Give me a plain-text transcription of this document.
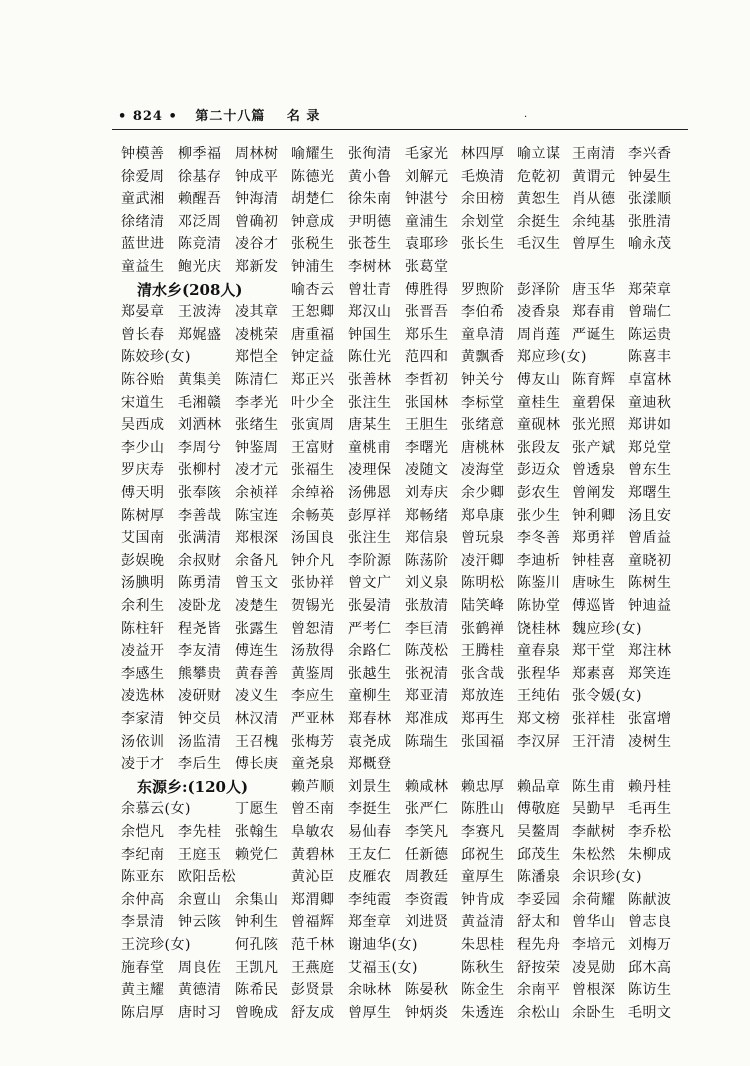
• 824 • 第二十八篇 名 录	·
钟模善 柳季福 周林树 喻耀生 张徇清 毛家光 林四厚 喻立谋 王南清 李兴香
徐爱周 徐基存 钟成平 陈德光 黄小鲁 刘解元 毛焕清 危乾初 黄谓元 钟晏生
童武湘 赖醒吾 钟海清 胡楚仁 徐朱南 钟湛兮 余田榜 黄恕生 肖从德 张漾顺
徐绪清 邓泛周 曾确初 钟意成 尹明德 童浦生 余划堂 余挺生 余纯基 张胜清
蓝世进 陈竞清 凌谷才 张税生 张苍生 袁耶珍 张长生 毛汉生 曾厚生 喻永茂
童益生 鲍光庆 郑新发 钟浦生 李树林 张葛堂
清水乡(208人)	喻杏云 曾壮青 傅胜得 罗煦阶 彭泽阶 唐玉华 郑荣章
郑晏章 王波涛 凌其章 王恕卿 郑汉山 张晋吾 李伯希 凌香泉 郑春甫 曾瑞仁
曾长春 郑娓盛 凌桃荣 唐重福 钟国生 郑乐生 童阜清 周肖莲 严诞生 陈运贵
陈姣珍(女)	郑恺全 钟定益 陈仕光 范四和 黄飘香 郑应珍(女)	陈喜丰
陈谷贻 黄集美 陈清仁 郑正兴 张善林 李哲初 钟关兮 傅友山 陈育辉 卓富林
宋道生 毛湘赣 李孝光 叶少全 张注生 张国林 李标堂 童桂生 童碧保 童迪秋
吴西成 刘洒林 张绪生 张寅周 唐某生 王胆生 张绪意 童砚林 张光照 郑讲如
李少山 李周兮 钟鉴周 王富财 童桃甫 李曙光 唐桃林 张段友 张产斌 郑兑堂
罗庆寿 张柳村 凌才元 张福生 凌理保 凌随文 凌海堂 彭迈众 曾透泉 曾东生
傅天明 张奉陔 余祯祥 余绰裕 汤佛恩 刘寿庆 余少卿 彭农生 曾阐发 郑曙生
陈树厚 李善哉 陈宝连 余畅英 彭厚祥 郑畅绪 郑阜康 张少生 钟利卿 汤且安
艾国南 张满清 郑根深 汤国良 张注生 郑信泉 曾玩泉 李冬善 郑勇祥 曾盾益
彭娱晚 余叔财 余备凡 钟介凡 李阶源 陈荡阶 凌汗卿 李迪析 钟桂喜 童晓初
汤腆明 陈勇清 曾玉文 张协祥 曾文广 刘义泉 陈明松 陈鉴川 唐咏生 陈树生
余利生 凌卧龙 凌楚生 贺锡光 张晏清 张敖清 陆笑峰 陈协堂 傅巡皆 钟迪益
陈柱轩 程尧皆 张露生 曾恕清 严考仁 李巨清 张鹤禅 饶桂林 魏应珍(女)
凌益开 李友清 傅连生 汤敖得 余路仁 陈茂松 王腾桂 童春泉 郑干堂 郑注林
李感生 熊攀贵 黄春善 黄鉴周 张越生 张祝清 张含哉 张程华 郑素喜 郑笑连
凌选林 凌研财 凌义生 李应生 童柳生 郑亚清 郑放连 王纯佑 张令媛(女)
李家清 钟交员 林汉清 严亚林 郑春林 郑准成 郑再生 郑文榜 张祥桂 张富增
汤依训 汤监清 王召槐 张梅芳 袁尧成 陈瑞生 张国福 李汉屏 王汗清 凌树生
凌于才 李后生 傅长庚 童尧泉 郑概登
东源乡:(120人)	赖芦顺 刘景生 赖咸林 赖忠厚 赖品章 陈生甫 赖丹桂
余慕云(女)	丁愿生 曾丕南 李挺生 张严仁 陈胜山 傅敬庭 吴勤早 毛再生
余恺凡 李先桂 张翰生 阜敏农 易仙春 李笑凡 李赛凡 吴鳌周 李献树 李乔松
李纪南 王庭玉 赖党仁 黄碧林 王友仁 任新德 邱祝生 邱茂生 朱松然 朱柳成
陈亚东 欧阳岳松	黄沁臣 皮雁农 周教廷 童厚生 陈潘泉 余识珍(女)
余仲高 余亶山 余集山 郑渭卿 李纯霞 李资霞 钟肯成 李妥园 余荷耀 陈献波
李景清 钟云陔 钟利生 曾福辉 郑奎章 刘进贤 黄益清 舒太和 曾华山 曾志良
王浣珍(女)	何孔陔 范千林 谢迪华(女)	朱思桂 程先舟 李培元 刘梅万
施春堂 周良佐 王凯凡 王燕庭 艾福玉(女)	陈秋生 舒按荣 凌晃勋 邱木高
黄主耀 黄德清 陈希民 彭贤景 余咏林 陈晏秋 陈金生 余南平 曾根深 陈访生
陈启厚 唐时习 曾晚成 舒友成 曾厚生 钟炳炎 朱透连 余松山 余卧生 毛明文
